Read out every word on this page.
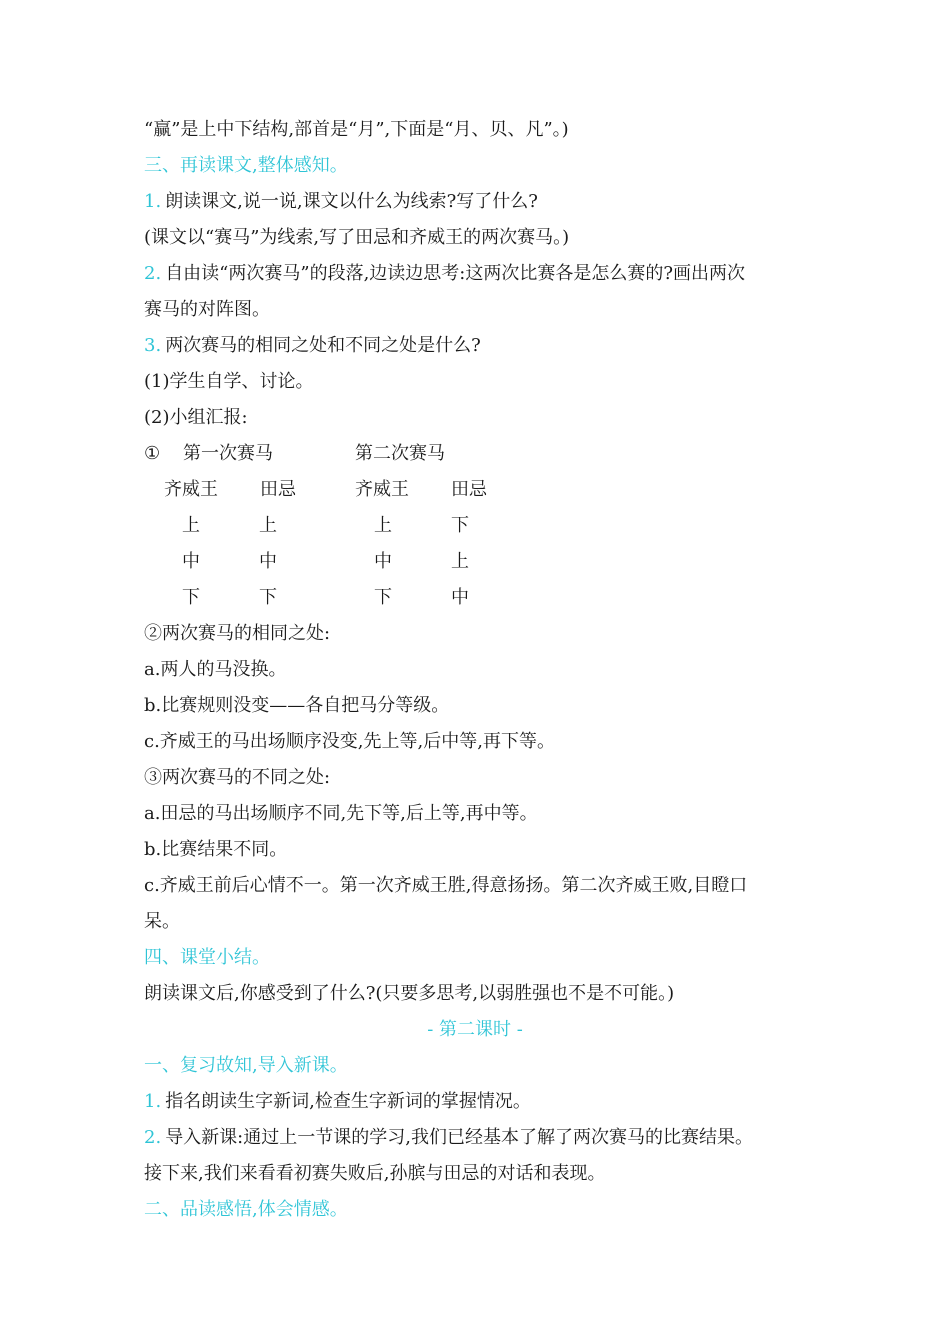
“赢”是上中下结构,部首是“月”,下面是“月、贝、凡”。)
三、再读课文,整体感知。
1. 朗读课文,说一说,课文以什么为线索?写了什么?
(课文以“赛马”为线索,写了田忌和齐威王的两次赛马。)
2. 自由读“两次赛马”的段落,边读边思考:这两次比赛各是怎么赛的?画出两次
赛马的对阵图。
3. 两次赛马的相同之处和不同之处是什么?
(1)学生自学、讨论。
(2)小组汇报:
① 第一次赛马	第二次赛马
齐威王 田忌	齐威王 田忌
上	上	上	下
中	中	中	上
下	下	下	中
②两次赛马的相同之处:
a.两人的马没换。
b.比赛规则没变——各自把马分等级。
c.齐威王的马出场顺序没变,先上等,后中等,再下等。
③两次赛马的不同之处:
a.田忌的马出场顺序不同,先下等,后上等,再中等。
b.比赛结果不同。
c.齐威王前后心情不一。第一次齐威王胜,得意扬扬。第二次齐威王败,目瞪口
呆。
四、课堂小结。
朗读课文后,你感受到了什么?(只要多思考,以弱胜强也不是不可能。)
- 第二课时 -
一、复习故知,导入新课。
1. 指名朗读生字新词,检查生字新词的掌握情况。
2. 导入新课:通过上一节课的学习,我们已经基本了解了两次赛马的比赛结果。
接下来,我们来看看初赛失败后,孙膑与田忌的对话和表现。
二、品读感悟,体会情感。
